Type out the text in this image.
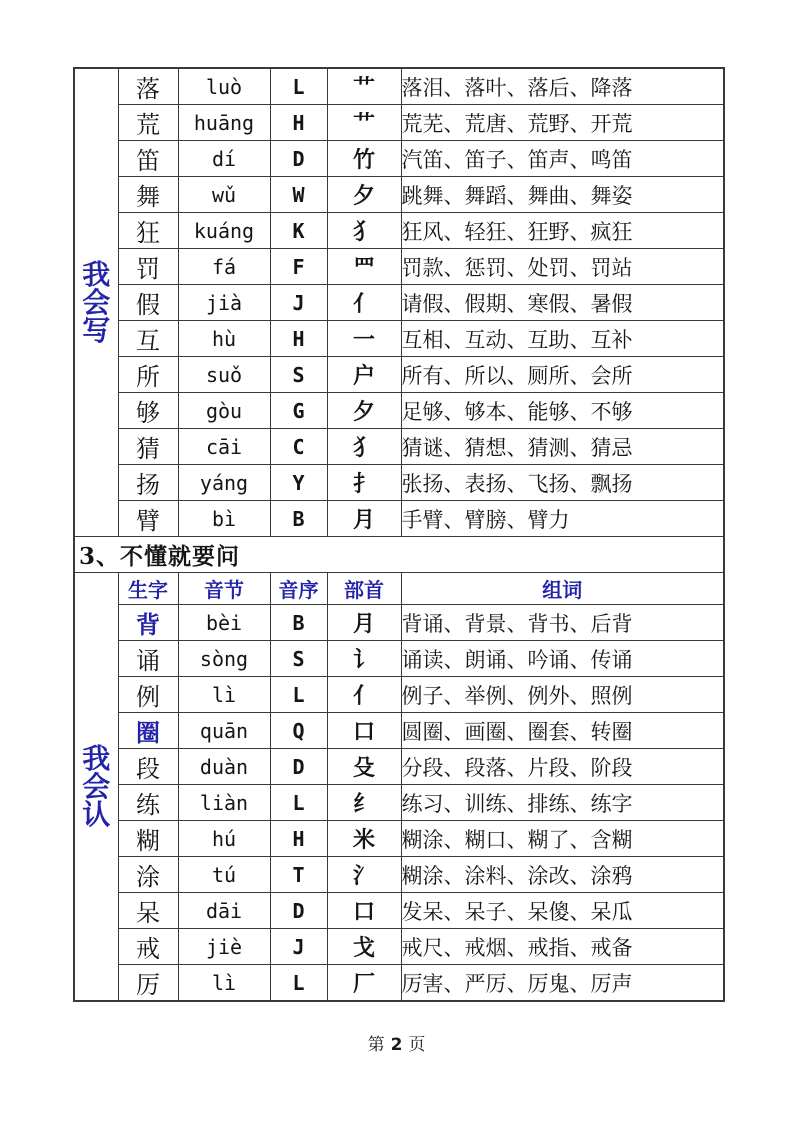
我
会
写	落	luò	L	艹	落泪、落叶、落后、降落
	荒	huāng	H	艹	荒芜、荒唐、荒野、开荒
	笛	dí	D	竹	汽笛、笛子、笛声、鸣笛
	舞	wǔ	W	夕	跳舞、舞蹈、舞曲、舞姿
	狂	kuáng	K	犭	狂风、轻狂、狂野、疯狂
	罚	fá	F	罒	罚款、惩罚、处罚、罚站
	假	jià	J	亻	请假、假期、寒假、暑假
	互	hù	H	一	互相、互动、互助、互补
	所	suǒ	S	户	所有、所以、厕所、会所
	够	gòu	G	夕	足够、够本、能够、不够
	猜	cāi	C	犭	猜谜、猜想、猜测、猜忌
	扬	yáng	Y	扌	张扬、表扬、飞扬、飘扬
	臂	bì	B	月	手臂、臂膀、臂力
3、不懂就要问					

我
会
认	生字	音节	音序	部首	组词
	背	bèi	B	月	背诵、背景、背书、后背
	诵	sòng	S	讠	诵读、朗诵、吟诵、传诵
	例	lì	L	亻	例子、举例、例外、照例
	圈	quān	Q	口	圆圈、画圈、圈套、转圈
	段	duàn	D	殳	分段、段落、片段、阶段
	练	liàn	L	纟	练习、训练、排练、练字
	糊	hú	H	米	糊涂、糊口、糊了、含糊
	涂	tú	T	氵	糊涂、涂料、涂改、涂鸦
	呆	dāi	D	口	发呆、呆子、呆傻、呆瓜
	戒	jiè	J	戈	戒尺、戒烟、戒指、戒备
	厉	lì	L	厂	厉害、严厉、厉鬼、厉声
第 2 页
